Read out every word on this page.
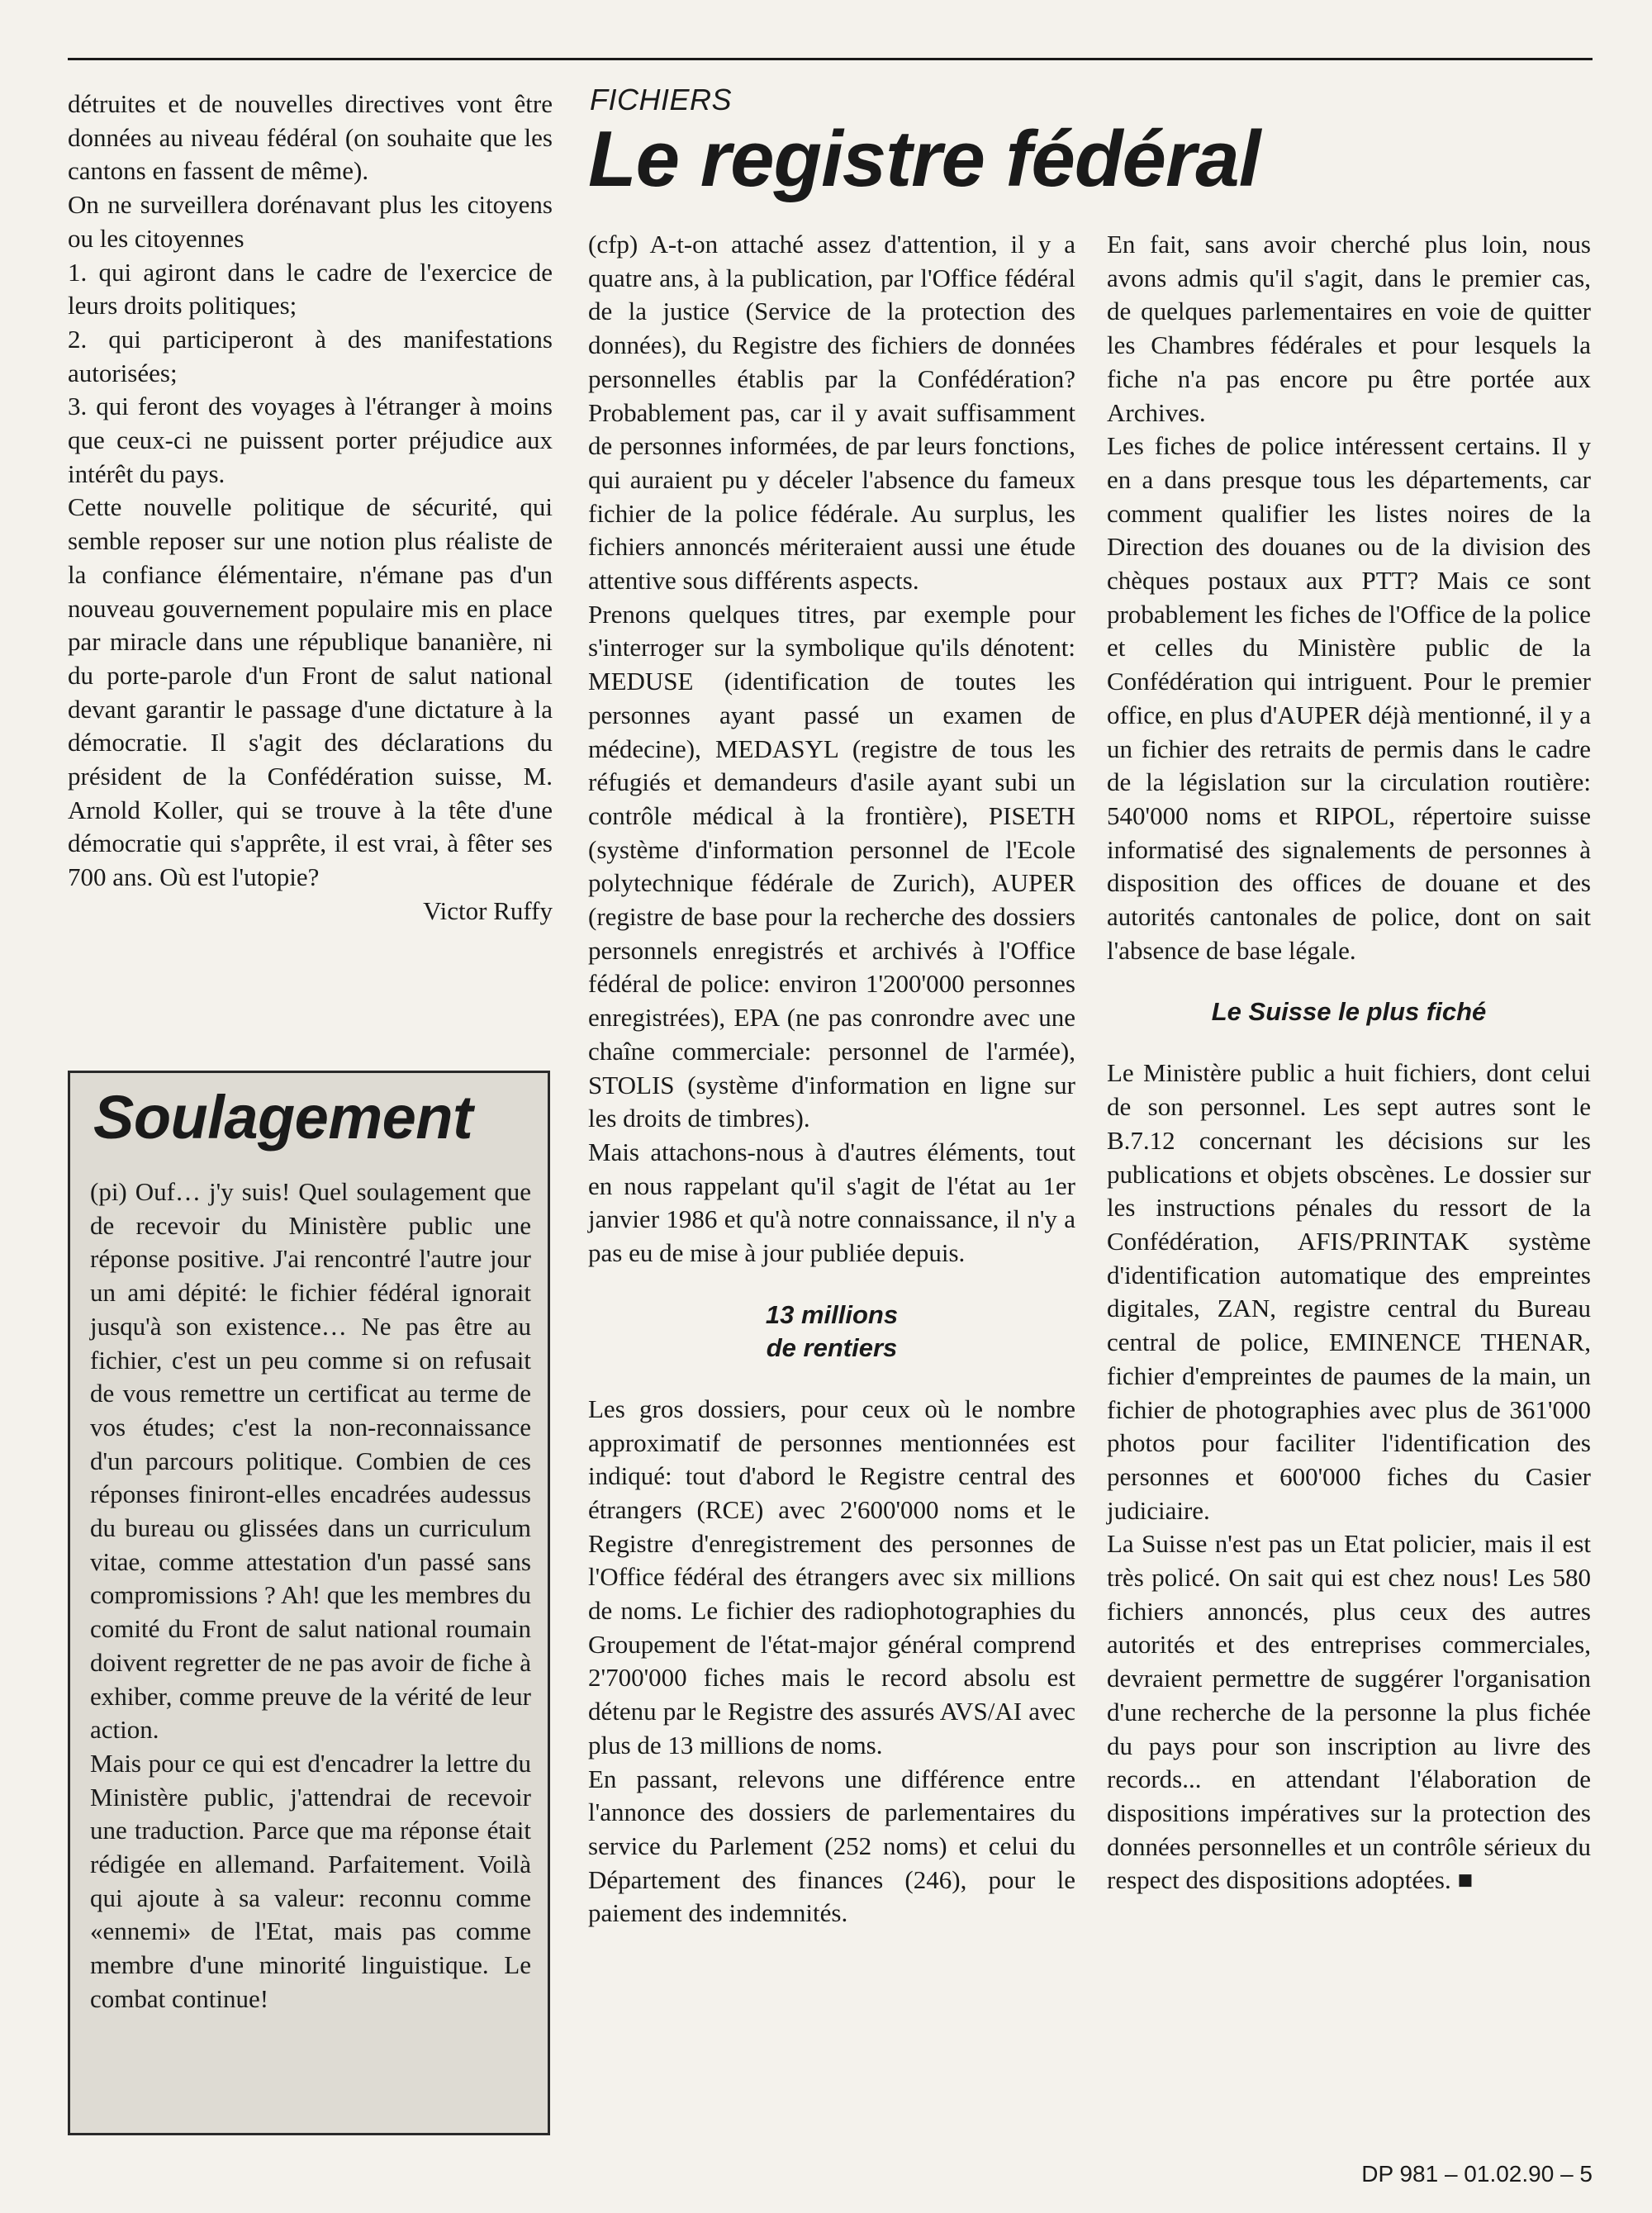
détruites et de nouvelles directives vont être données au niveau fédéral (on souhaite que les cantons en fassent de même).

On ne surveillera dorénavant plus les citoyens ou les citoyennes

1. qui agiront dans le cadre de l'exercice de leurs droits politiques;

2. qui participeront à des manifestations autorisées;

3. qui feront des voyages à l'étranger à moins que ceux-ci ne puissent porter préjudice aux intérêt du pays.

Cette nouvelle politique de sécurité, qui semble reposer sur une notion plus réaliste de la confiance élémentaire, n'émane pas d'un nouveau gouvernement populaire mis en place par miracle dans une république bananière, ni du porte-parole d'un Front de salut national devant garantir le passage d'une dictature à la démocratie. Il s'agit des déclarations du président de la Confédération suisse, M. Arnold Koller, qui se trouve à la tête d'une démocratie qui s'apprête, il est vrai, à fêter ses 700 ans. Où est l'utopie?

Victor Ruffy

Soulagement

(pi) Ouf… j'y suis! Quel soulagement que de recevoir du Ministère public une réponse positive. J'ai rencontré l'autre jour un ami dépité: le fichier fédéral ignorait jusqu'à son existence… Ne pas être au fichier, c'est un peu comme si on refusait de vous remettre un certificat au terme de vos études; c'est la non-reconnaissance d'un parcours politique. Combien de ces réponses finiront-elles encadrées audessus du bureau ou glissées dans un curriculum vitae, comme attestation d'un passé sans compromissions ? Ah! que les membres du comité du Front de salut national roumain doivent regretter de ne pas avoir de fiche à exhiber, comme preuve de la vérité de leur action.

Mais pour ce qui est d'encadrer la lettre du Ministère public, j'attendrai de recevoir une traduction. Parce que ma réponse était rédigée en allemand. Parfaitement. Voilà qui ajoute à sa valeur: reconnu comme «ennemi» de l'Etat, mais pas comme membre d'une minorité linguistique. Le combat continue!

FICHIERS
Le registre fédéral

(cfp) A-t-on attaché assez d'attention, il y a quatre ans, à la publication, par l'Office fédéral de la justice (Service de la protection des données), du Registre des fichiers de données personnelles établis par la Confédération? Probablement pas, car il y avait suffisamment de personnes informées, de par leurs fonctions, qui auraient pu y déceler l'absence du fameux fichier de la police fédérale. Au surplus, les fichiers annoncés mériteraient aussi une étude attentive sous différents aspects.

Prenons quelques titres, par exemple pour s'interroger sur la symbolique qu'ils dénotent: MEDUSE (identification de toutes les personnes ayant passé un examen de médecine), MEDASYL (registre de tous les réfugiés et demandeurs d'asile ayant subi un contrôle médical à la frontière), PISETH (système d'information personnel de l'Ecole polytechnique fédérale de Zurich), AUPER (registre de base pour la recherche des dossiers personnels enregistrés et archivés à l'Office fédéral de police: environ 1'200'000 personnes enregistrées), EPA (ne pas conrondre avec une chaîne commerciale: personnel de l'armée), STOLIS (système d'information en ligne sur les droits de timbres).

Mais attachons-nous à d'autres éléments, tout en nous rappelant qu'il s'agit de l'état au 1er janvier 1986 et qu'à notre connaissance, il n'y a pas eu de mise à jour publiée depuis.

13 millions
de rentiers

Les gros dossiers, pour ceux où le nombre approximatif de personnes mentionnées est indiqué: tout d'abord le Registre central des étrangers (RCE) avec 2'600'000 noms et le Registre d'enregistrement des personnes de l'Office fédéral des étrangers avec six millions de noms. Le fichier des radiophotographies du Groupement de l'état-major général comprend 2'700'000 fiches mais le record absolu est détenu par le Registre des assurés AVS/AI avec plus de 13 millions de noms.

En passant, relevons une différence entre l'annonce des dossiers de parlementaires du service du Parlement (252 noms) et celui du Département des finances (246), pour le paiement des indemnités.

En fait, sans avoir cherché plus loin, nous avons admis qu'il s'agit, dans le premier cas, de quelques parlementaires en voie de quitter les Chambres fédérales et pour lesquels la fiche n'a pas encore pu être portée aux Archives.

Les fiches de police intéressent certains. Il y en a dans presque tous les départements, car comment qualifier les listes noires de la Direction des douanes ou de la division des chèques postaux aux PTT? Mais ce sont probablement les fiches de l'Office de la police et celles du Ministère public de la Confédération qui intriguent. Pour le premier office, en plus d'AUPER déjà mentionné, il y a un fichier des retraits de permis dans le cadre de la législation sur la circulation routière: 540'000 noms et RIPOL, répertoire suisse informatisé des signalements de personnes à disposition des offices de douane et des autorités cantonales de police, dont on sait l'absence de base légale.

Le Suisse le plus fiché

Le Ministère public a huit fichiers, dont celui de son personnel. Les sept autres sont le B.7.12 concernant les décisions sur les publications et objets obscènes. Le dossier sur les instructions pénales du ressort de la Confédération, AFIS/PRINTAK système d'identification automatique des empreintes digitales, ZAN, registre central du Bureau central de police, EMINENCE THENAR, fichier d'empreintes de paumes de la main, un fichier de photographies avec plus de 361'000 photos pour faciliter l'identification des personnes et 600'000 fiches du Casier judiciaire.

La Suisse n'est pas un Etat policier, mais il est très policé. On sait qui est chez nous! Les 580 fichiers annoncés, plus ceux des autres autorités et des entreprises commerciales, devraient permettre de suggérer l'organisation d'une recherche de la personne la plus fichée du pays pour son inscription au livre des records... en attendant l'élaboration de dispositions impératives sur la protection des données personnelles et un contrôle sérieux du respect des dispositions adoptées. ■

DP 981 – 01.02.90 – 5
